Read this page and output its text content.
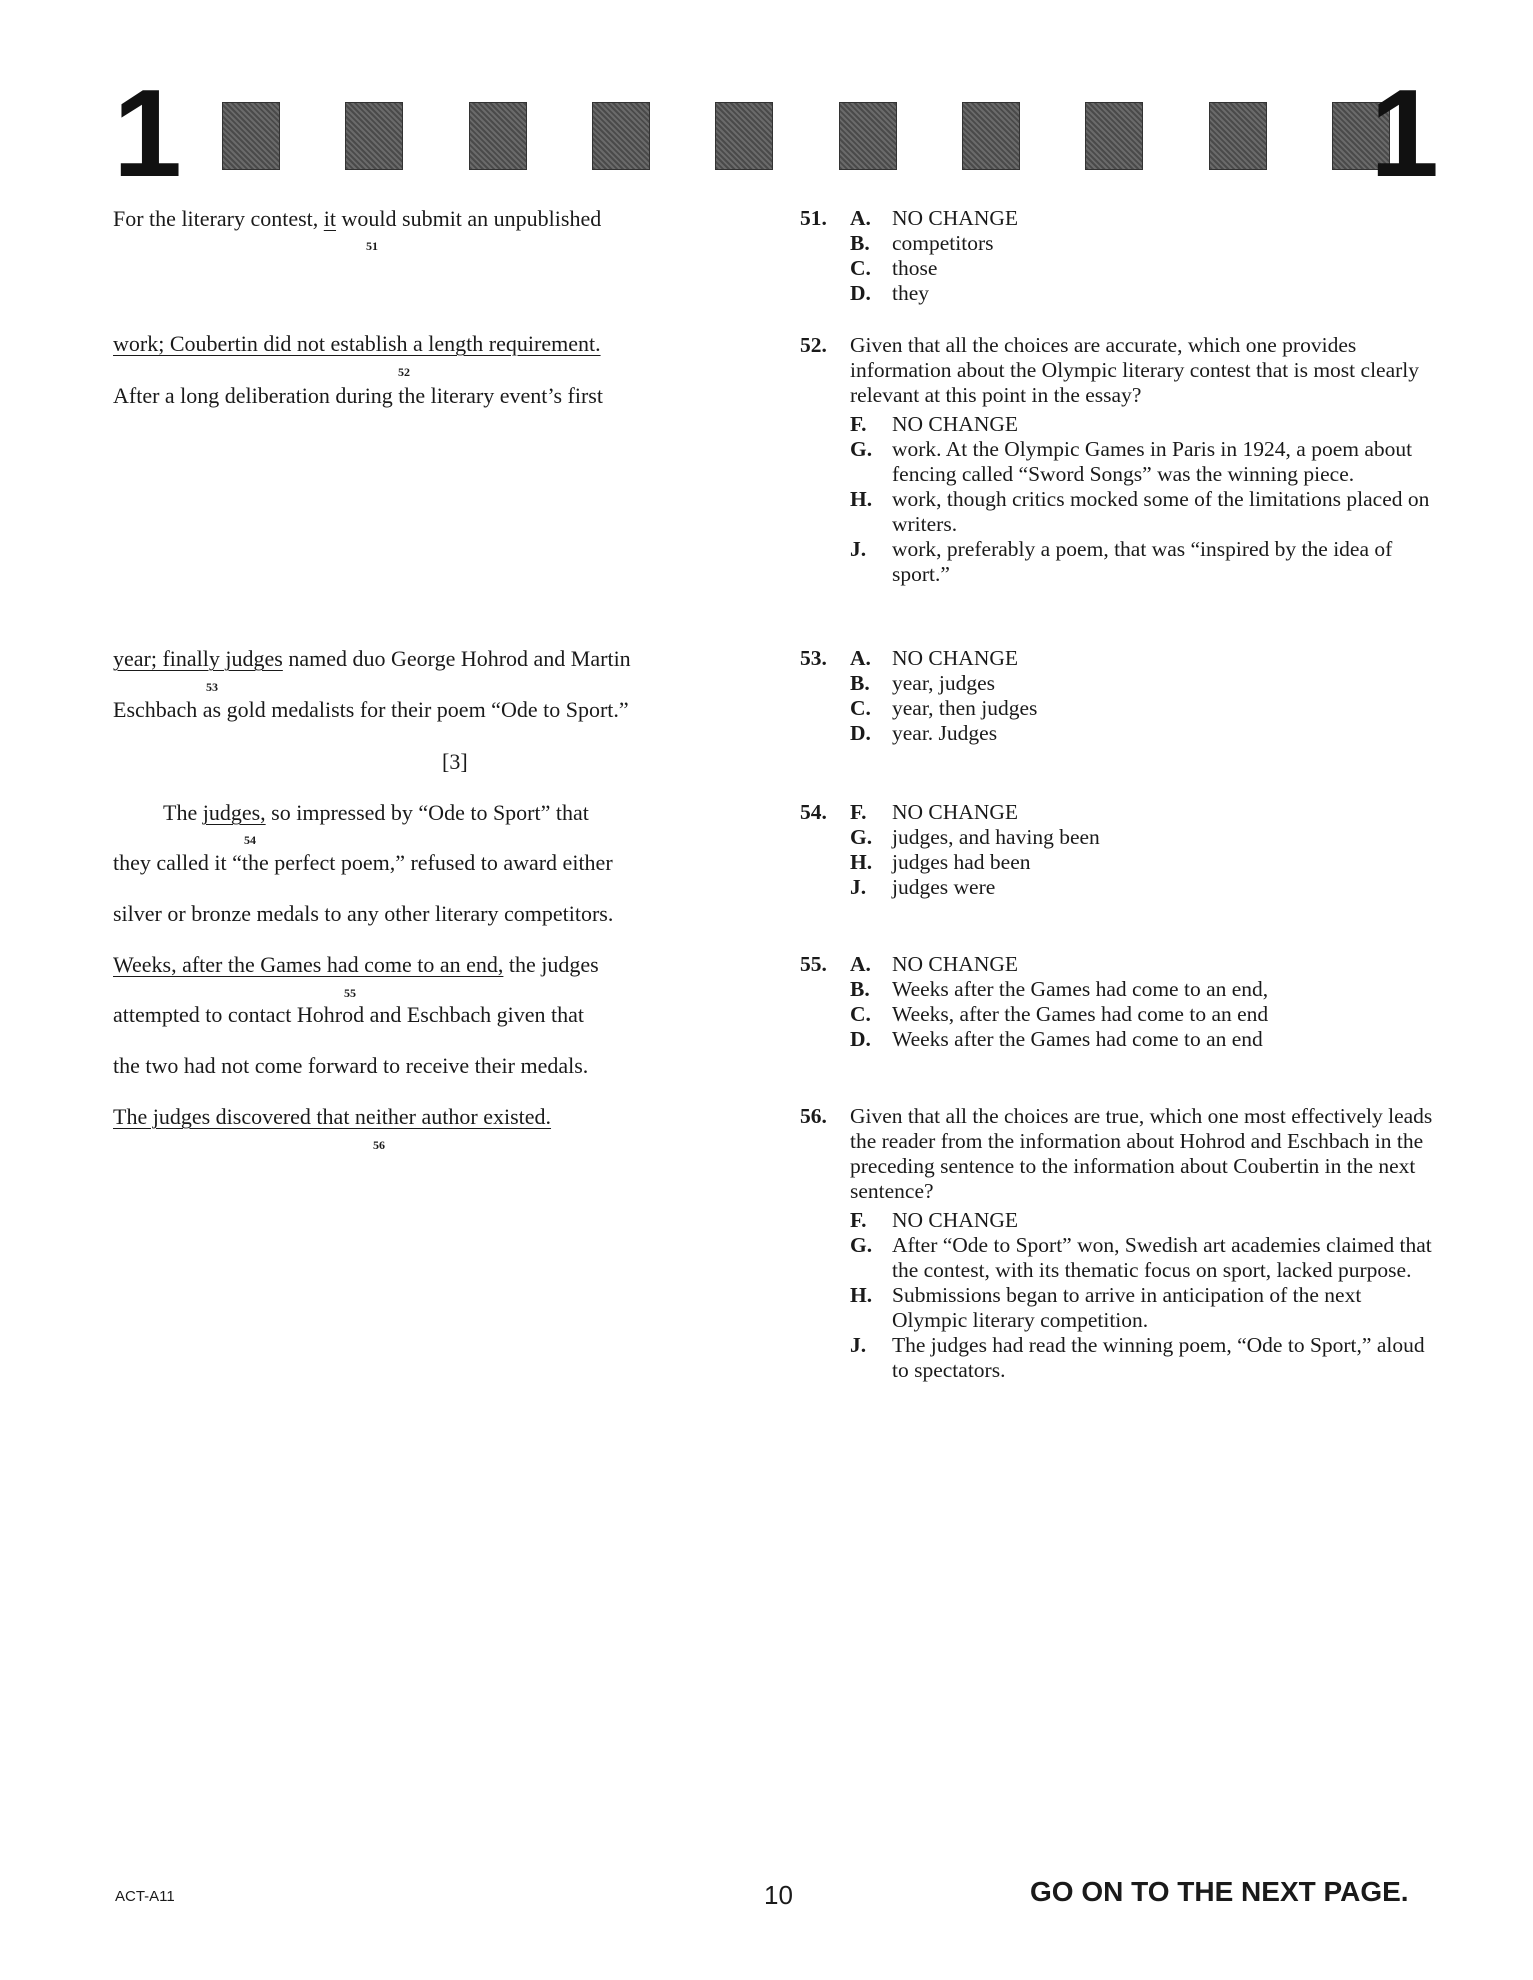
1	1
For the literary contest, it would submit an unpublished
51
work; Coubertin did not establish a length requirement.
52
After a long deliberation during the literary event’s first
year; finally judges named duo George Hohrod and Martin
53
Eschbach as gold medalists for their poem “Ode to Sport.”
[3]
The judges, so impressed by “Ode to Sport” that
54
they called it “the perfect poem,” refused to award either
silver or bronze medals to any other literary competitors.
Weeks, after the Games had come to an end, the judges
55
attempted to contact Hohrod and Eschbach given that
the two had not come forward to receive their medals.
The judges discovered that neither author existed.
56
51. A. NO CHANGE
B.	competitors
C. those
D. they
52. Given that all the choices are accurate, which one provides information about the Olympic literary contest that is most clearly relevant at this point in the essay?
F.	NO CHANGE
G. work. At the Olympic Games in Paris in 1924, a poem about fencing called “Sword Songs” was the winning piece.
H. work, though critics mocked some of the limitations placed on writers.
J.	work, preferably a poem, that was “inspired by the idea of sport.”
53. A. NO CHANGE
B.	year, judges
C. year, then judges
D. year. Judges
54. F.	NO CHANGE
G. judges, and having been
H. judges had been
J.	judges were
55. A. NO CHANGE
B.	Weeks after the Games had come to an end,
C. Weeks, after the Games had come to an end
D. Weeks after the Games had come to an end
56. Given that all the choices are true, which one most effectively leads the reader from the information about Hohrod and Eschbach in the preceding sentence to the information about Coubertin in the next sentence?
F.	NO CHANGE
G. After “Ode to Sport” won, Swedish art academies claimed that the contest, with its thematic focus on sport, lacked purpose.
H. Submissions began to arrive in anticipation of the next Olympic literary competition.
J.	The judges had read the winning poem, “Ode to Sport,” aloud to spectators.
ACT-A11	10	GO ON TO THE NEXT PAGE.
